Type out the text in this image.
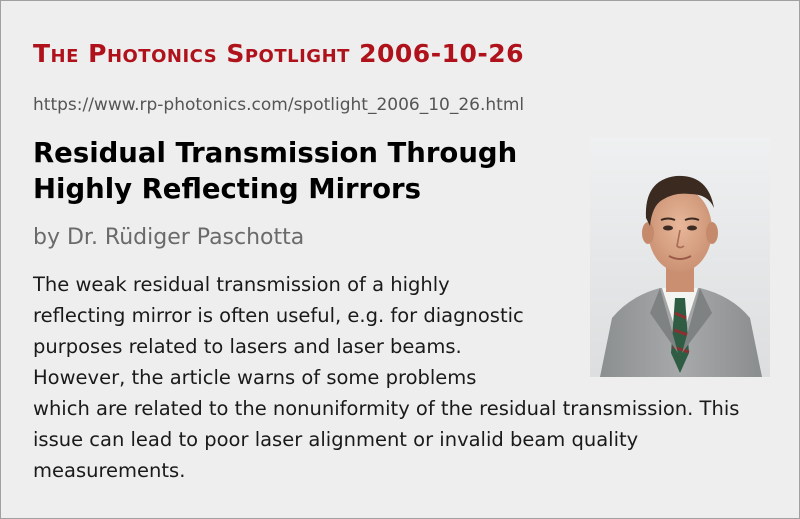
The Photonics Spotlight 2006-10-26
https://www.rp-photonics.com/spotlight_2006_10_26.html
Residual Transmission Through Highly Reflecting Mirrors
by Dr. Rüdiger Paschotta

The weak residual transmission of a highly reflecting mirror is often useful, e.g. for diagnostic purposes related to lasers and laser beams. However, the article warns of some problems which are related to the nonuniformity of the residual transmission. This issue can lead to poor laser alignment or invalid beam quality measurements.
